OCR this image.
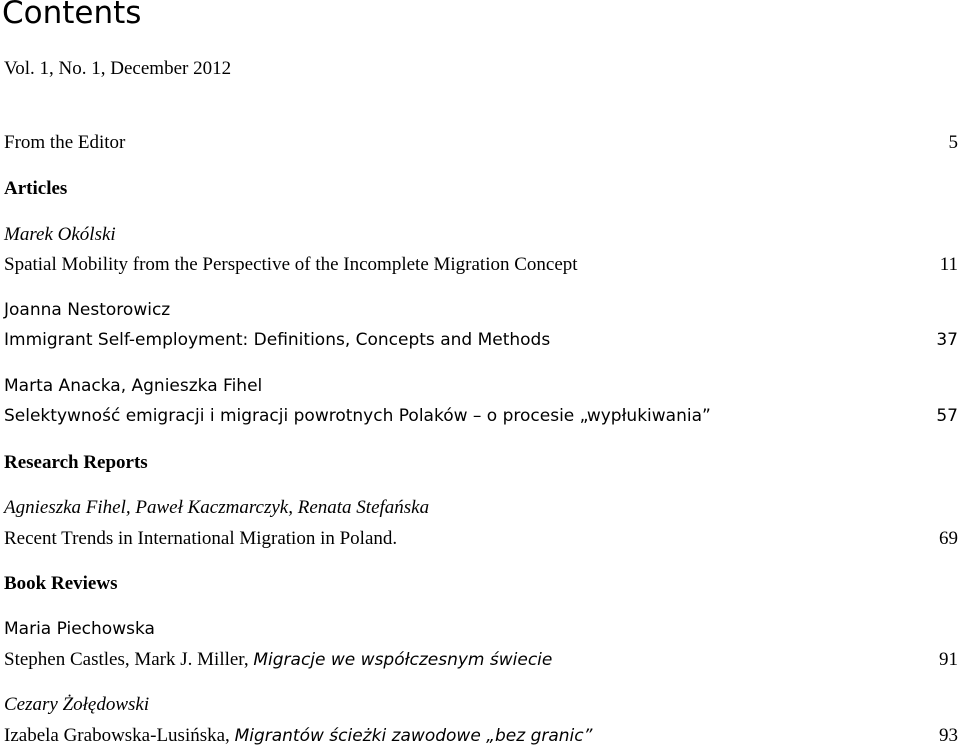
Contents
Vol. 1, No. 1, December 2012
From the Editor	5
Articles
Marek Okólski
Spatial Mobility from the Perspective of the Incomplete Migration Concept	11
Joanna Nestorowicz
Immigrant Self-employment: Definitions, Concepts and Methods	37
Marta Anacka, Agnieszka Fihel
Selektywność emigracji i migracji powrotnych Polaków – o procesie „wypłukiwania”	57
Research Reports
Agnieszka Fihel, Paweł Kaczmarczyk, Renata Stefańska
Recent Trends in International Migration in Poland.	69
Book Reviews
Maria Piechowska
Stephen Castles, Mark J. Miller, Migracje we współczesnym świecie	91
Cezary Żołędowski
Izabela Grabowska-Lusińska, Migrantów ścieżki zawodowe „bez granic”	93
